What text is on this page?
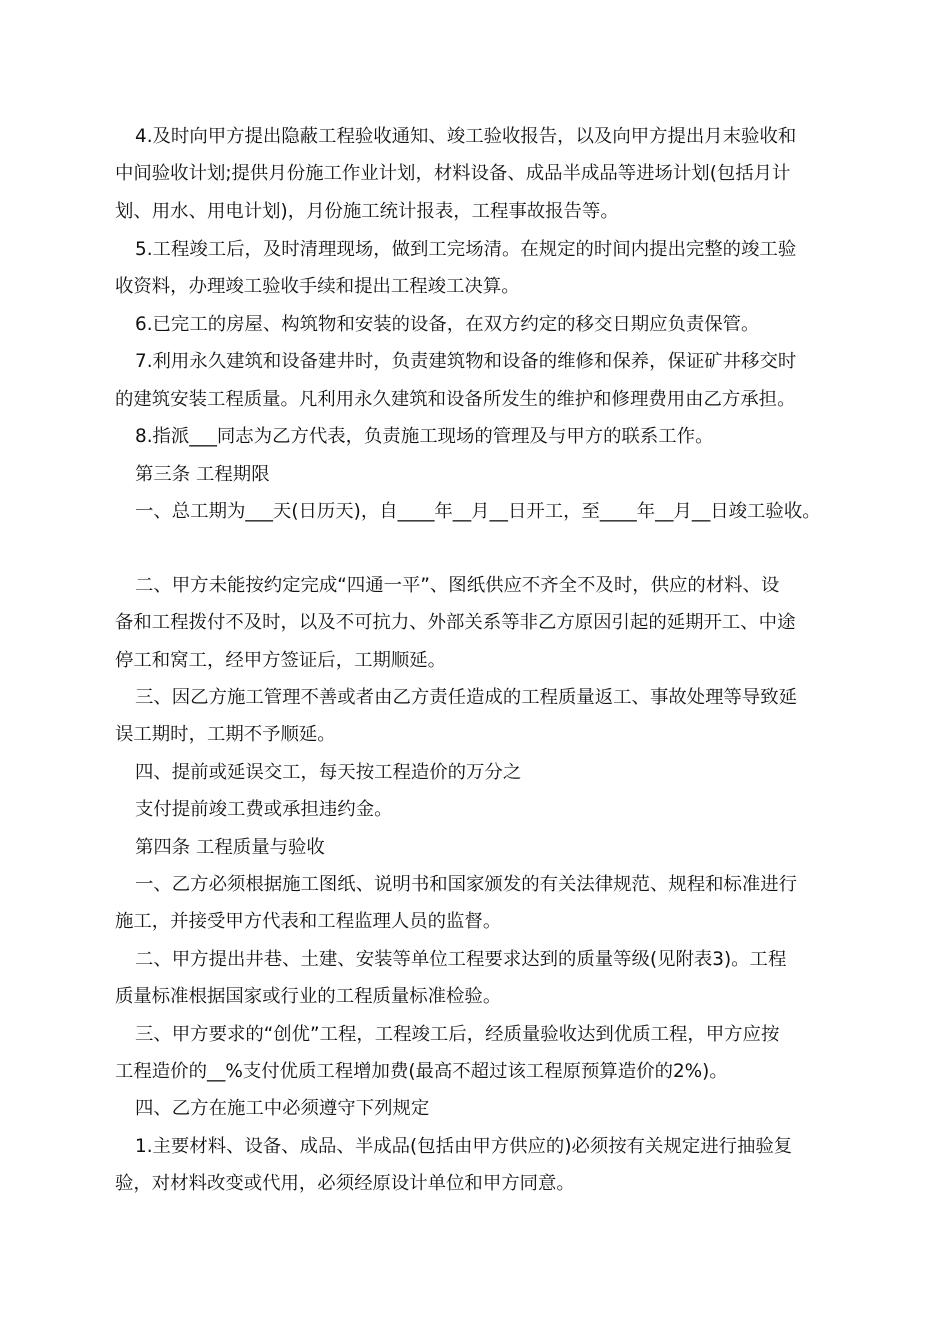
4.及时向甲方提出隐蔽工程验收通知、竣工验收报告，以及向甲方提出月末验收和
中间验收计划;提供月份施工作业计划，材料设备、成品半成品等进场计划(包括月计
划、用水、用电计划)，月份施工统计报表，工程事故报告等。
5.工程竣工后，及时清理现场，做到工完场清。在规定的时间内提出完整的竣工验
收资料，办理竣工验收手续和提出工程竣工决算。
6.已完工的房屋、构筑物和安装的设备，在双方约定的移交日期应负责保管。
7.利用永久建筑和设备建井时，负责建筑物和设备的维修和保养，保证矿井移交时
的建筑安装工程质量。凡利用永久建筑和设备所发生的维护和修理费用由乙方承担。
8.指派___同志为乙方代表，负责施工现场的管理及与甲方的联系工作。
第三条 工程期限
一、总工期为___天(日历天)，自____年__月__日开工，至____年__月__日竣工验收。
二、甲方未能按约定完成“四通一平”、图纸供应不齐全不及时，供应的材料、设
备和工程拨付不及时，以及不可抗力、外部关系等非乙方原因引起的延期开工、中途
停工和窝工，经甲方签证后，工期顺延。
三、因乙方施工管理不善或者由乙方责任造成的工程质量返工、事故处理等导致延
误工期时，工期不予顺延。
四、提前或延误交工，每天按工程造价的万分之
支付提前竣工费或承担违约金。
第四条 工程质量与验收
一、乙方必须根据施工图纸、说明书和国家颁发的有关法律规范、规程和标准进行
施工，并接受甲方代表和工程监理人员的监督。
二、甲方提出井巷、土建、安装等单位工程要求达到的质量等级(见附表3)。工程
质量标准根据国家或行业的工程质量标准检验。
三、甲方要求的“创优”工程，工程竣工后，经质量验收达到优质工程，甲方应按
工程造价的__%支付优质工程增加费(最高不超过该工程原预算造价的2%)。
四、乙方在施工中必须遵守下列规定
1.主要材料、设备、成品、半成品(包括由甲方供应的)必须按有关规定进行抽验复
验，对材料改变或代用，必须经原设计单位和甲方同意。
